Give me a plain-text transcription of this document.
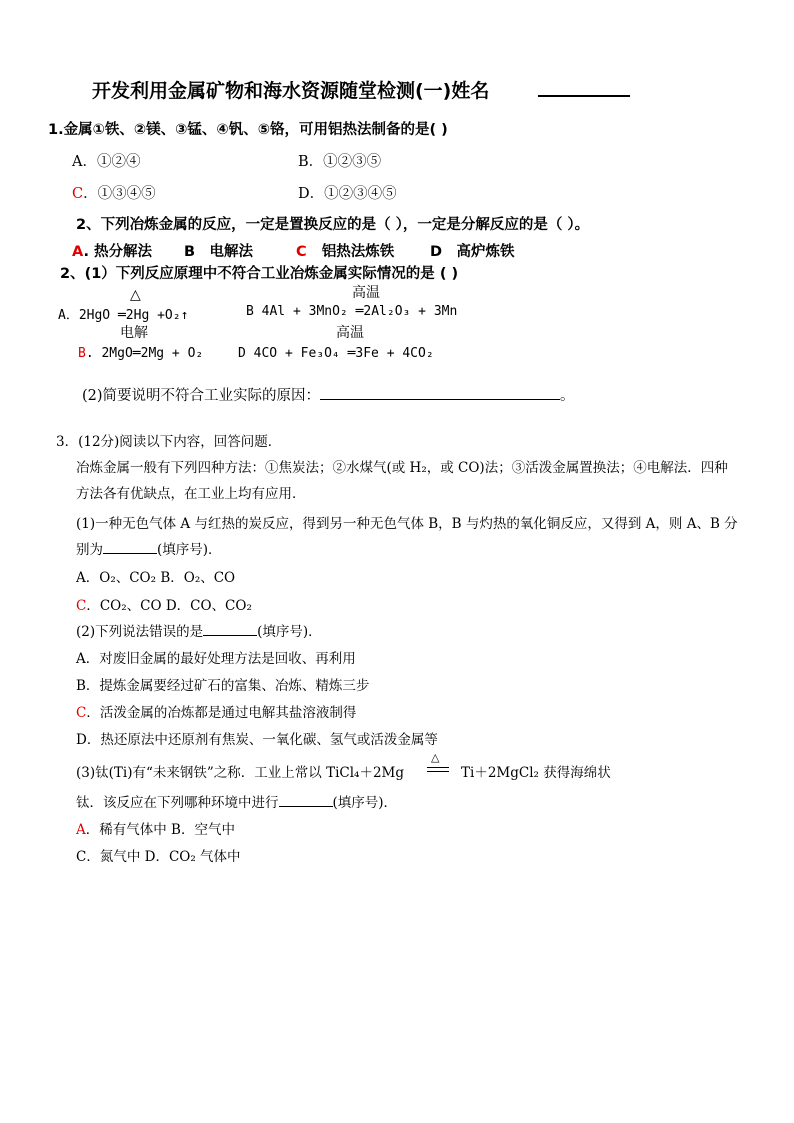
开发利用金属矿物和海水资源随堂检测(一)姓名
1.金属①铁、②镁、③锰、④钒、⑤铬，可用铝热法制备的是( )
A．①②④	B．①②③⑤
C．①③④⑤	D．①②③④⑤
2、下列冶炼金属的反应，一定是置换反应的是（ ），一定是分解反应的是（ ）。
A. 热分解法 B　电解法	C 铝热法炼铁 D　高炉炼铁
2、(1）下列反应原理中不符合工业冶炼金属实际情况的是 ( )
高温
△
A．2HgO ═2Hg +O₂↑	B 4Al + 3MnO₂ ═2Al₂O₃ + 3Mn
电解	高温
B. 2MgO═2Mg + O₂	D 4CO + Fe₃O₄ ═3Fe + 4CO₂
(2)简要说明不符合工业实际的原因：	。
3．(12分)阅读以下内容，回答问题．
冶炼金属一般有下列四种方法：①焦炭法；②水煤气(或 H₂，或 CO)法；③活泼金属置换法；④电解法．四种
方法各有优缺点，在工业上均有应用．
(1)一种无色气体 A 与红热的炭反应，得到另一种无色气体 B，B 与灼热的氧化铜反应，又得到 A，则 A、B 分
别为	(填序号)．
A．O₂、CO₂ B．O₂、CO
C．CO₂、CO D．CO、CO₂
(2)下列说法错误的是	(填序号)．
A．对废旧金属的最好处理方法是回收、再利用
B．提炼金属要经过矿石的富集、冶炼、精炼三步
C．活泼金属的冶炼都是通过电解其盐溶液制得
D．热还原法中还原剂有焦炭、一氧化碳、氢气或活泼金属等
(3)钛(Ti)有“未来钢铁”之称．工业上常以 TiCl₄＋2Mg
△
Ti＋2MgCl₂ 获得海绵状
钛．该反应在下列哪种环境中进行	(填序号)．
A．稀有气体中 B．空气中
C．氮气中 D．CO₂ 气体中
